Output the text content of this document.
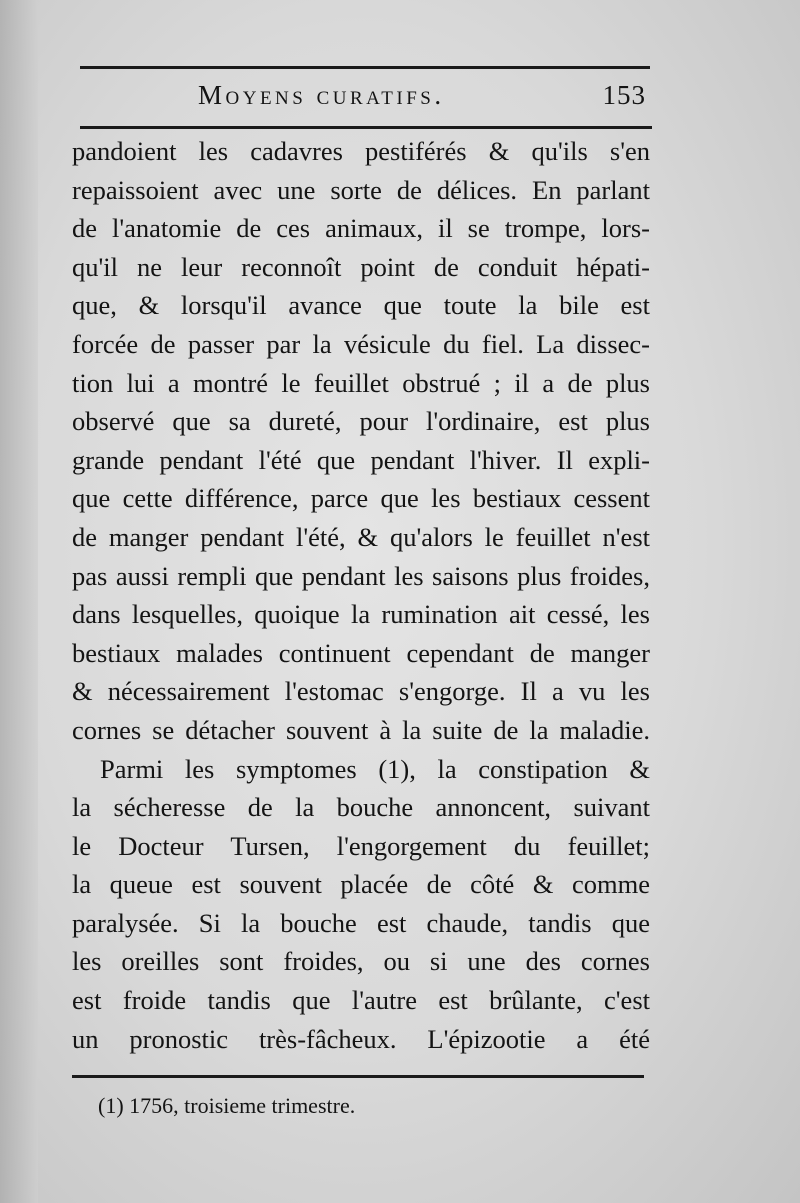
Moyens curatifs.	153
pandoient les cadavres pestiférés & qu'ils s'en
repaissoient avec une sorte de délices. En parlant
de l'anatomie de ces animaux, il se trompe, lors-
qu'il ne leur reconnoît point de conduit hépati-
que, & lorsqu'il avance que toute la bile est
forcée de passer par la vésicule du fiel. La dissec-
tion lui a montré le feuillet obstrué ; il a de plus
observé que sa dureté, pour l'ordinaire, est plus
grande pendant l'été que pendant l'hiver. Il expli-
que cette différence, parce que les bestiaux cessent
de manger pendant l'été, & qu'alors le feuillet n'est
pas aussi rempli que pendant les saisons plus froides,
dans lesquelles, quoique la rumination ait cessé, les
bestiaux malades continuent cependant de manger
& nécessairement l'estomac s'engorge. Il a vu les
cornes se détacher souvent à la suite de la maladie.
Parmi les symptomes (1), la constipation &
la sécheresse de la bouche annoncent, suivant
le Docteur Tursen, l'engorgement du feuillet;
la queue est souvent placée de côté & comme
paralysée. Si la bouche est chaude, tandis que
les oreilles sont froides, ou si une des cornes
est froide tandis que l'autre est brûlante, c'est
un pronostic très-fâcheux. L'épizootie a été
(1) 1756, troisieme trimestre.
